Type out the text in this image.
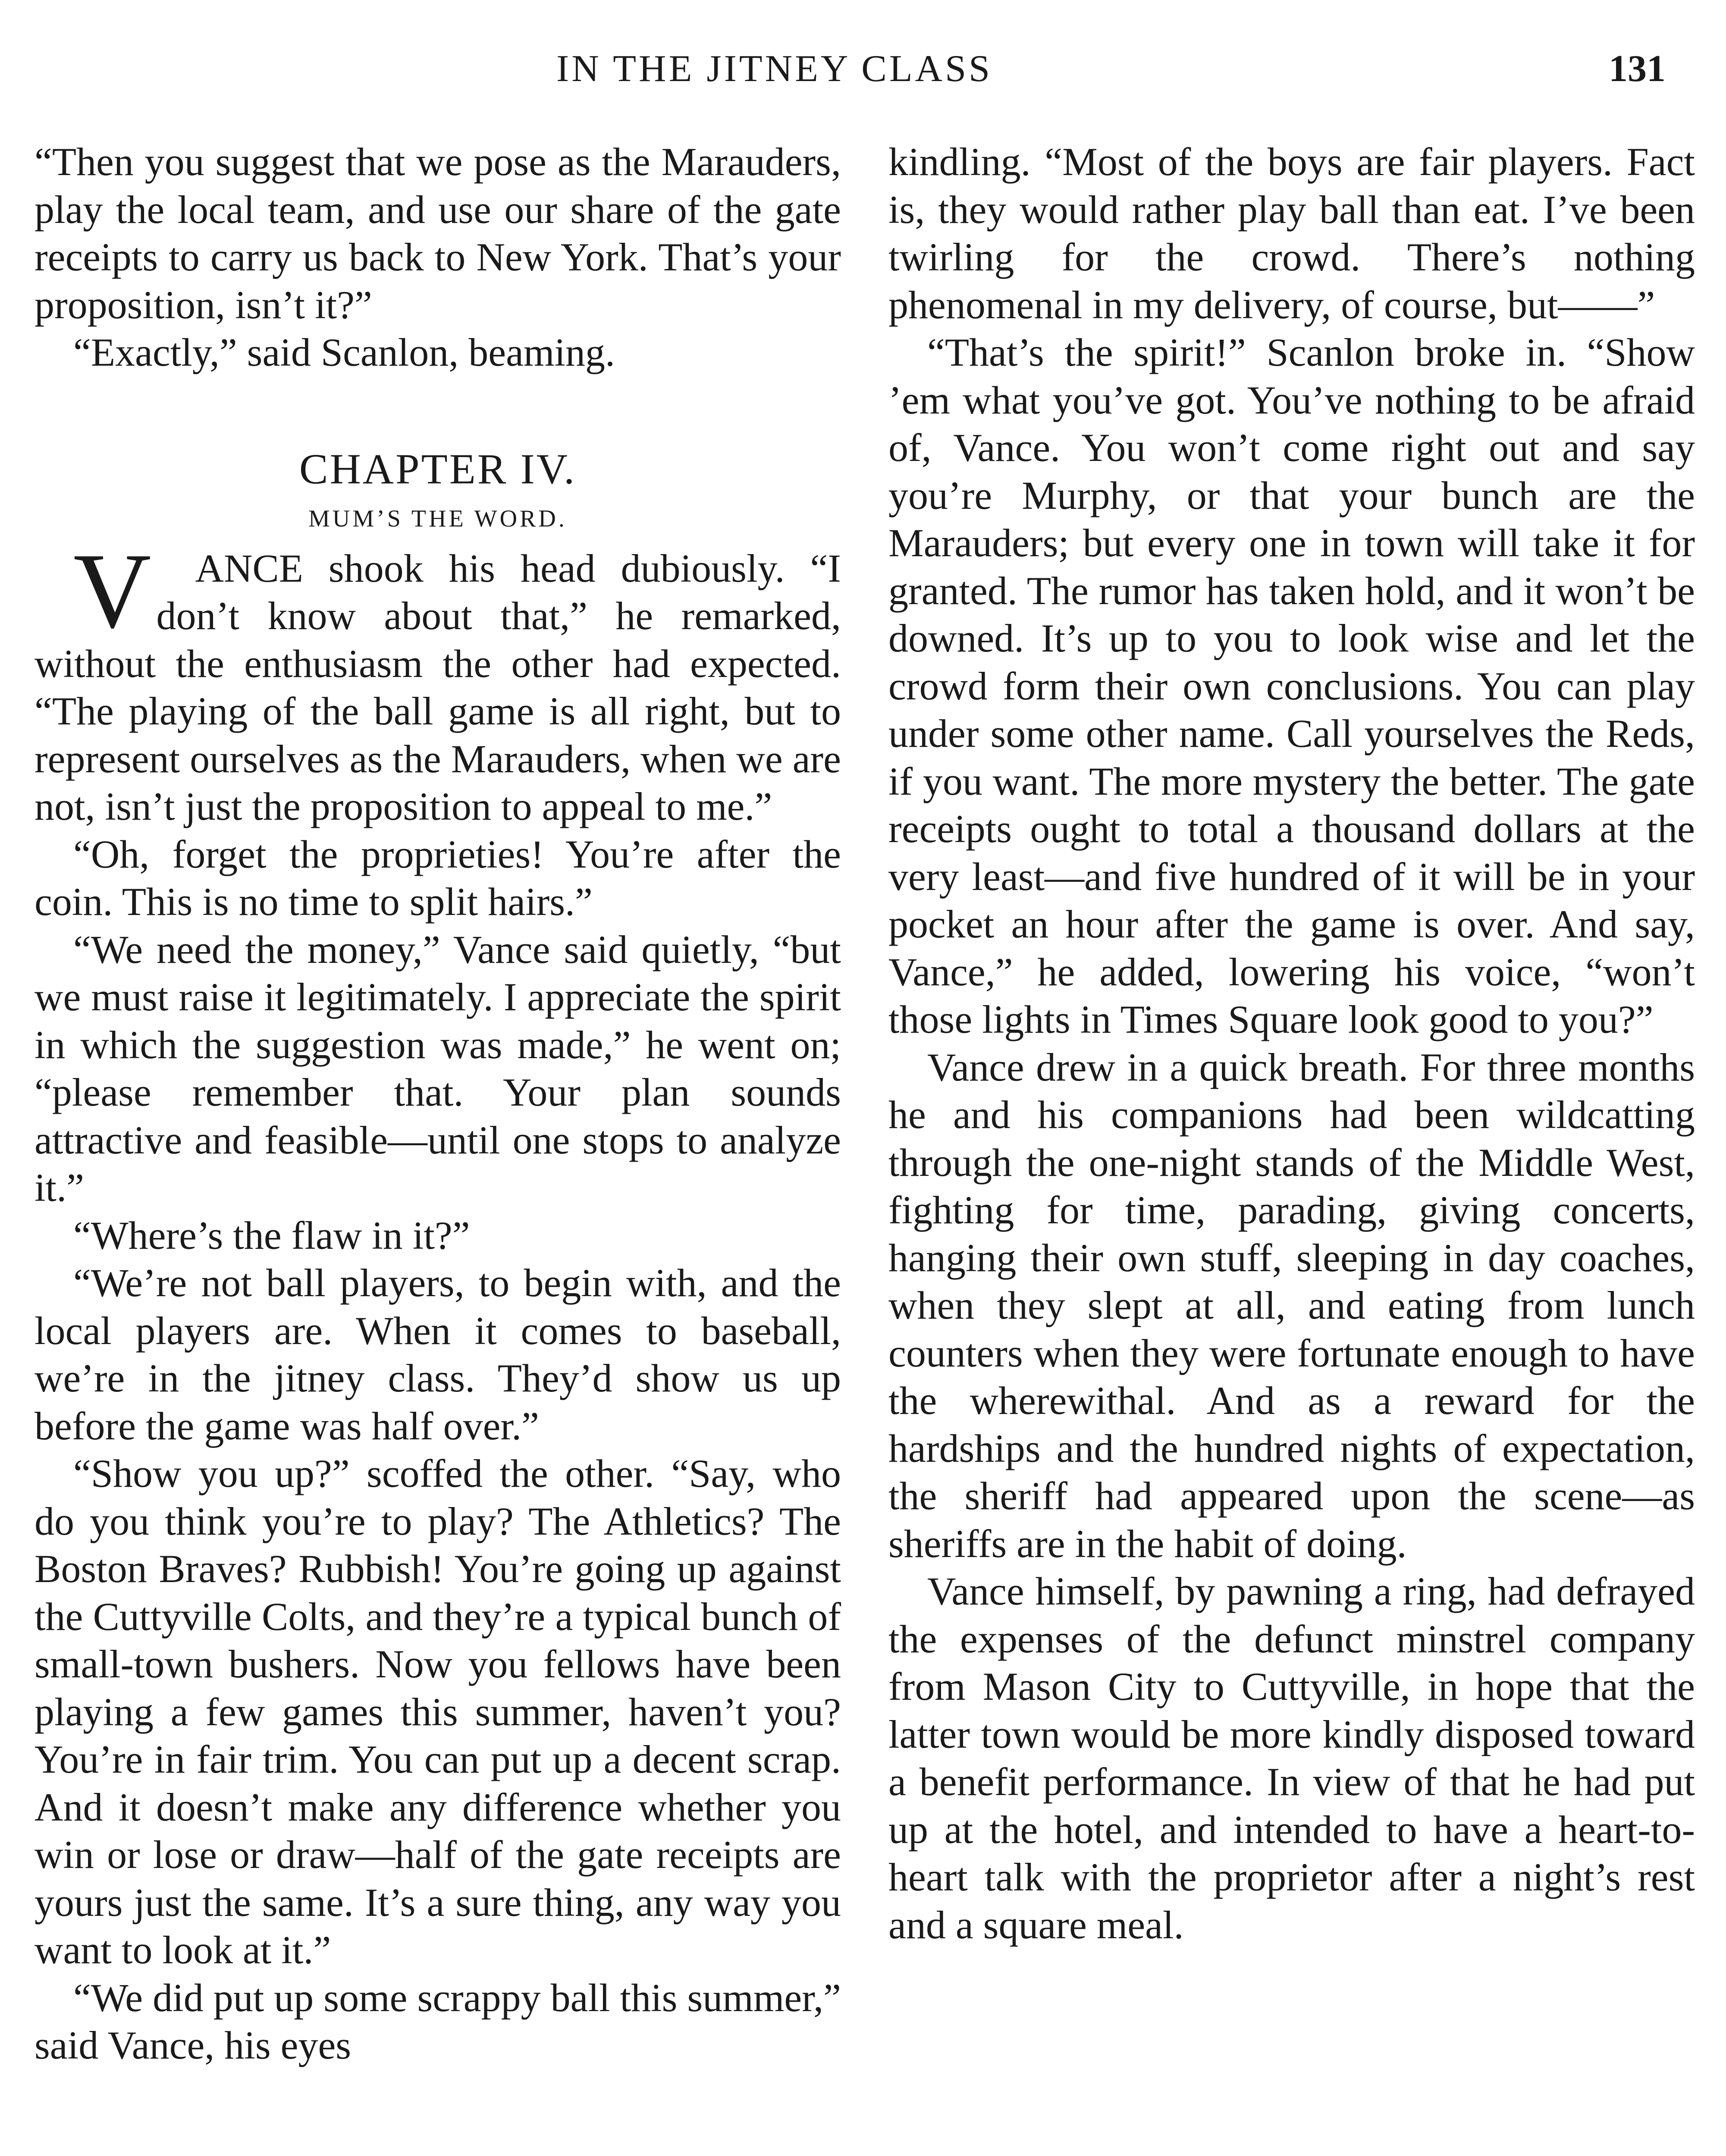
IN THE JITNEY CLASS	131

“Then you suggest that we pose as the Marauders, play the local team, and use our share of the gate receipts to carry us back to New York. That’s your proposition, isn’t it?”

“Exactly,” said Scanlon, beaming.

CHAPTER IV.
MUM’S THE WORD.

V ANCE shook his head dubiously. “I don’t know about that,” he remarked, without the enthusiasm the other had expected. “The playing of the ball game is all right, but to represent ourselves as the Marauders, when we are not, isn’t just the proposition to appeal to me.”

“Oh, forget the proprieties! You’re after the coin. This is no time to split hairs.”

“We need the money,” Vance said quietly, “but we must raise it legitimately. I appreciate the spirit in which the suggestion was made,” he went on; “please remember that. Your plan sounds attractive and feasible—until one stops to analyze it.”

“Where’s the flaw in it?”

“We’re not ball players, to begin with, and the local players are. When it comes to baseball, we’re in the jitney class. They’d show us up before the game was half over.”

“Show you up?” scoffed the other. “Say, who do you think you’re to play? The Athletics? The Boston Braves? Rubbish! You’re going up against the Cuttyville Colts, and they’re a typical bunch of small-town bushers. Now you fellows have been playing a few games this summer, haven’t you? You’re in fair trim. You can put up a decent scrap. And it doesn’t make any difference whether you win or lose or draw—half of the gate receipts are yours just the same. It’s a sure thing, any way you want to look at it.”

“We did put up some scrappy ball this summer,” said Vance, his eyes

kindling. “Most of the boys are fair players. Fact is, they would rather play ball than eat. I’ve been twirling for the crowd. There’s nothing phenomenal in my delivery, of course, but——”

“That’s the spirit!” Scanlon broke in. “Show ’em what you’ve got. You’ve nothing to be afraid of, Vance. You won’t come right out and say you’re Murphy, or that your bunch are the Marauders; but every one in town will take it for granted. The rumor has taken hold, and it won’t be downed. It’s up to you to look wise and let the crowd form their own conclusions. You can play under some other name. Call yourselves the Reds, if you want. The more mystery the better. The gate receipts ought to total a thousand dollars at the very least—and five hundred of it will be in your pocket an hour after the game is over. And say, Vance,” he added, lowering his voice, “won’t those lights in Times Square look good to you?”

Vance drew in a quick breath. For three months he and his companions had been wildcatting through the one-night stands of the Middle West, fighting for time, parading, giving concerts, hanging their own stuff, sleeping in day coaches, when they slept at all, and eating from lunch counters when they were fortunate enough to have the wherewithal. And as a reward for the hardships and the hundred nights of expectation, the sheriff had appeared upon the scene—as sheriffs are in the habit of doing.

Vance himself, by pawning a ring, had defrayed the expenses of the defunct minstrel company from Mason City to Cuttyville, in hope that the latter town would be more kindly disposed toward a benefit performance. In view of that he had put up at the hotel, and intended to have a heart-to-heart talk with the proprietor after a night’s rest and a square meal.
